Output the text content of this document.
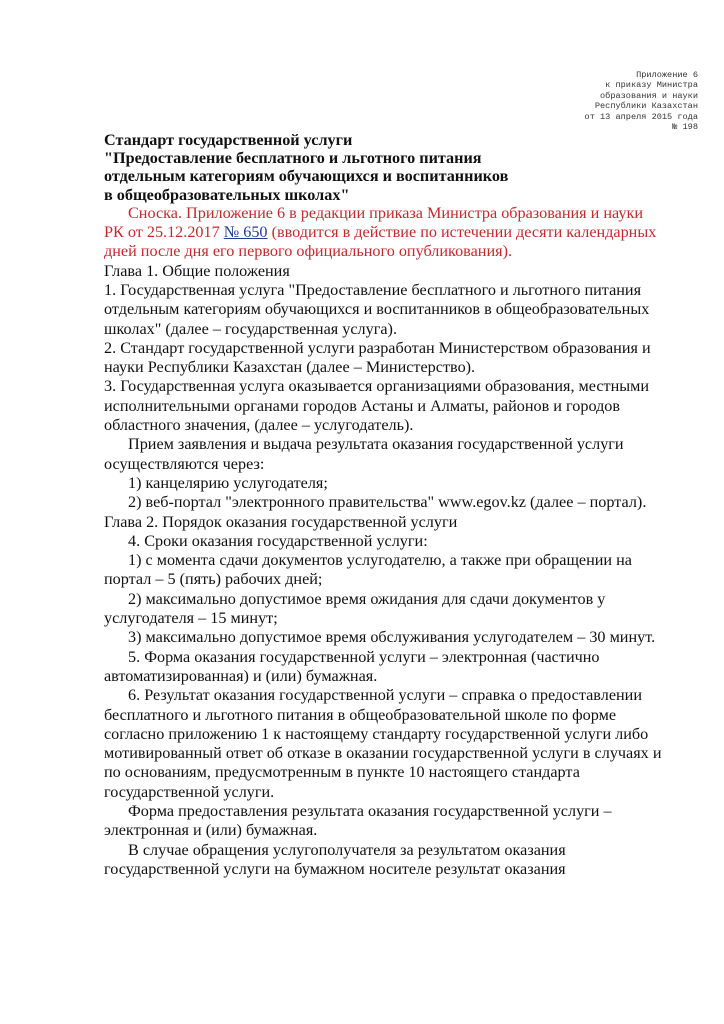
Приложение 6
к приказу Министра
образования и науки
Республики Казахстан
от 13 апреля 2015 года
№ 198
Стандарт государственной услуги
"Предоставление бесплатного и льготного питания
отдельным категориям обучающихся и воспитанников
в общеобразовательных школах"

Сноска. Приложение 6 в редакции приказа Министра образования и науки РК от 25.12.2017 № 650 (вводится в действие по истечении десяти календарных дней после дня его первого официального опубликования).

Глава 1. Общие положения

1. Государственная услуга "Предоставление бесплатного и льготного питания отдельным категориям обучающихся и воспитанников в общеобразовательных школах" (далее – государственная услуга).

2. Стандарт государственной услуги разработан Министерством образования и науки Республики Казахстан (далее – Министерство).

3. Государственная услуга оказывается организациями образования, местными исполнительными органами городов Астаны и Алматы, районов и городов областного значения, (далее – услугодатель).

Прием заявления и выдача результата оказания государственной услуги осуществляются через:

1) канцелярию услугодателя;

2) веб-портал "электронного правительства" www.egov.kz (далее – портал).

Глава 2. Порядок оказания государственной услуги

4. Сроки оказания государственной услуги:

1) с момента сдачи документов услугодателю, а также при обращении на портал – 5 (пять) рабочих дней;

2) максимально допустимое время ожидания для сдачи документов у услугодателя – 15 минут;

3) максимально допустимое время обслуживания услугодателем – 30 минут.

5. Форма оказания государственной услуги – электронная (частично автоматизированная) и (или) бумажная.

6. Результат оказания государственной услуги – справка о предоставлении бесплатного и льготного питания в общеобразовательной школе по форме согласно приложению 1 к настоящему стандарту государственной услуги либо мотивированный ответ об отказе в оказании государственной услуги в случаях и по основаниям, предусмотренным в пункте 10 настоящего стандарта государственной услуги.

Форма предоставления результата оказания государственной услуги – электронная и (или) бумажная.

В случае обращения услугополучателя за результатом оказания государственной услуги на бумажном носителе результат оказания
